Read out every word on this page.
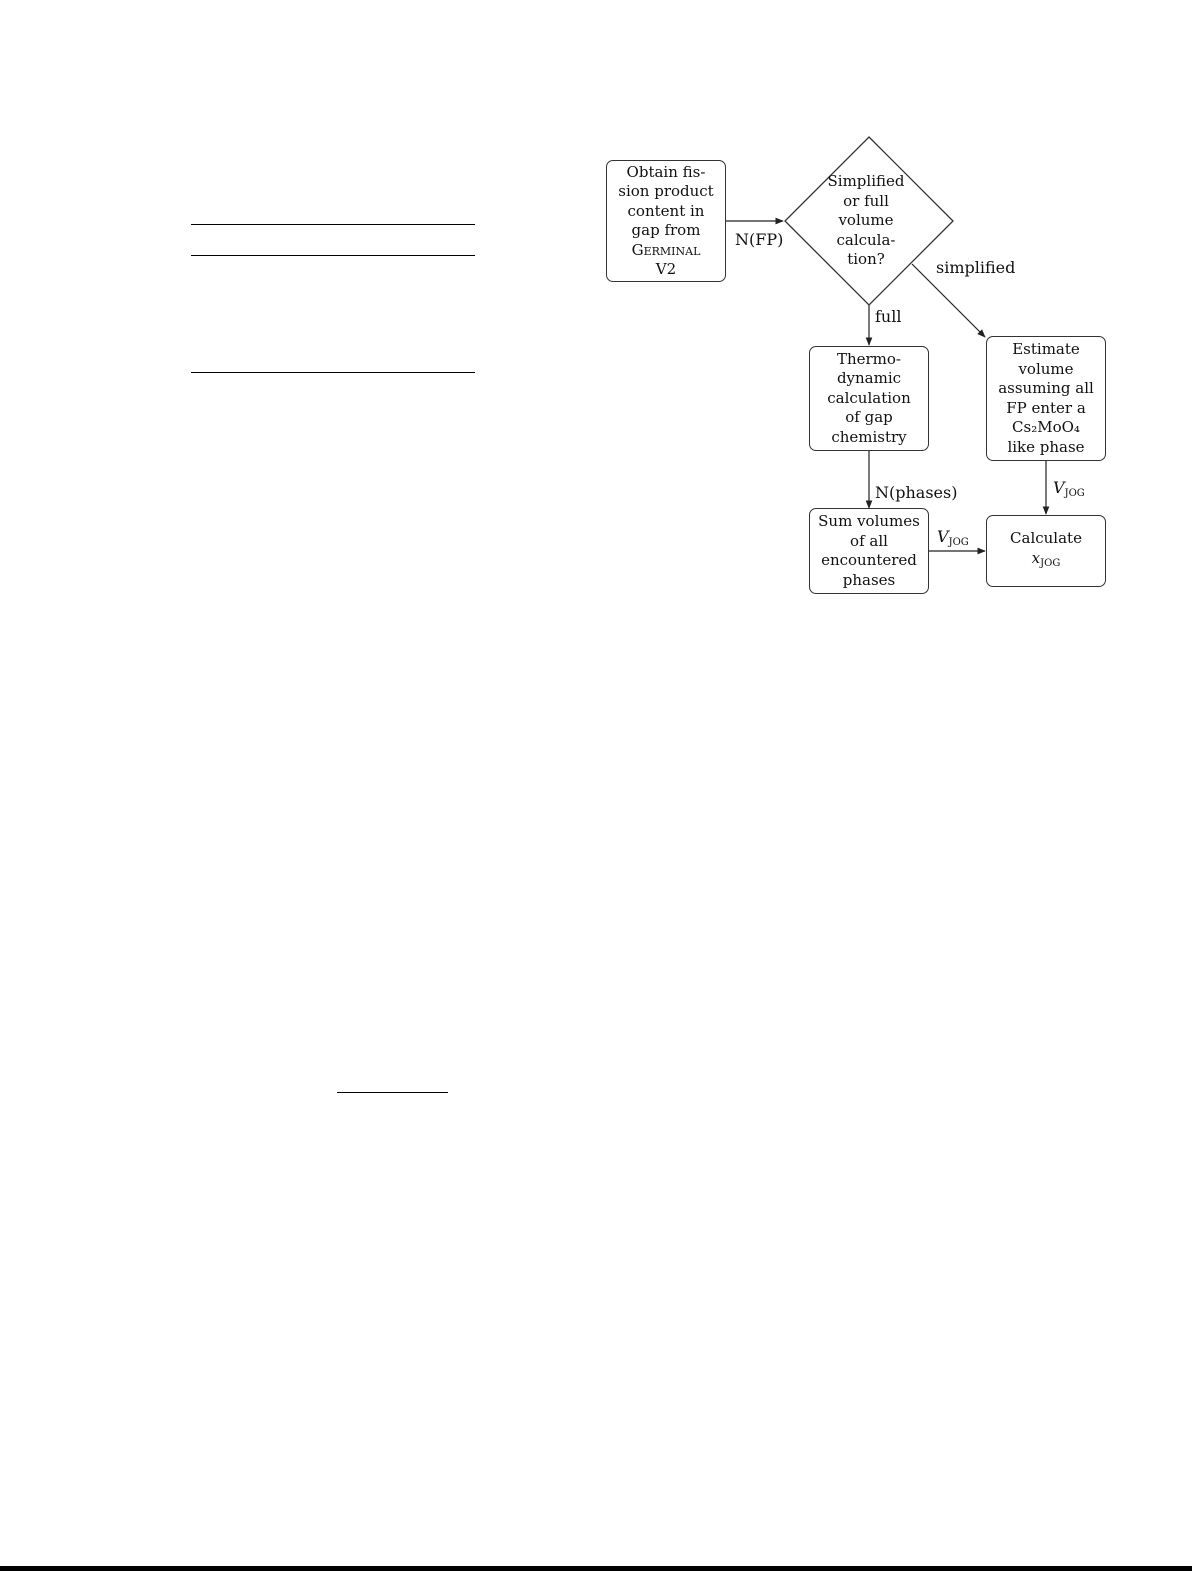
Obtain fis-
sion product
content in
gap from
Germinal
V2
Simplified
or full
volume
calcula-
tion?
Thermo-
dynamic
calculation
of gap
chemistry
Estimate
volume
assuming all
FP enter a
Cs₂MoO₄
like phase
Sum volumes
of all
encountered
phases
Calculate
$x_{JOG}$
N(FP)
simplified
full
N(phases)	$V_{JOG}$
$V_{JOG}$
